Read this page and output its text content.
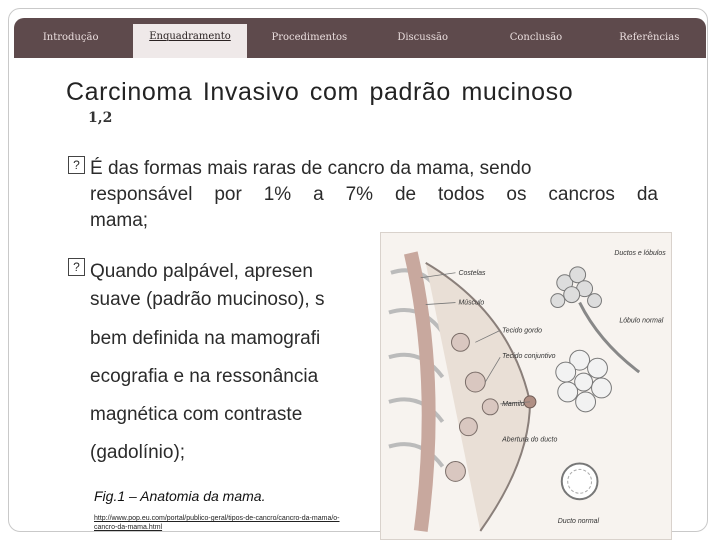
Introdução	Enquadramento	Procedimentos	Discussão	Conclusão	Referências
Carcinoma Invasivo com padrão mucinoso
1,2
? É das formas mais raras de cancro da mama, sendo
responsável por 1% a 7% de todos os cancros da
mama;
? Quando palpável, apresen
suave (padrão mucinoso), s
bem definida na mamografi
ecografia e na ressonância
magnética com contraste
(gadolínio);
Costelas
Músculo
Tecido gordo
Tecido conjuntivo
Mamilo
Abertura do ducto
Ductos e lóbulos
Lóbulo normal
Ducto normal
Fig.1 – Anatomia da mama.
http://www.pop.eu.com/portal/publico-geral/tipos-de-cancro/cancro-da-mama/o-cancro-da-mama.html
